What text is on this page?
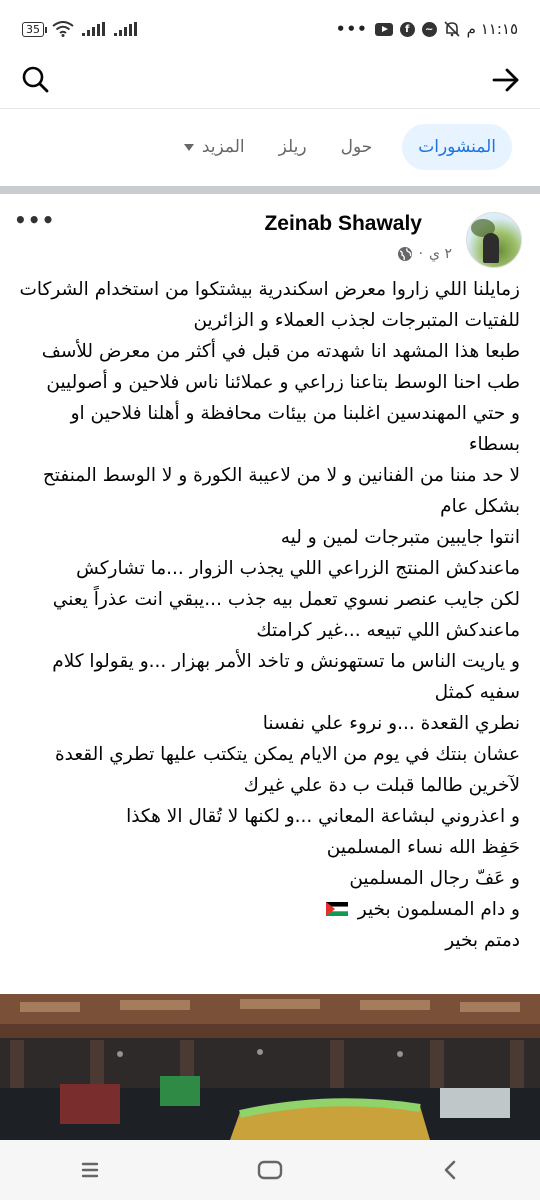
35	•••	f	~ ١١:١٥ م
المنشورات
حول
ريلز
المزيد
•••	Zeinab Shawaly
٢ ي
·
زمايلنا اللي زاروا معرض اسكندرية بيشتكوا من استخدام الشركات
للفتيات المتبرجات لجذب العملاء و الزائرين
طبعا هذا المشهد انا شهدته من قبل في أكثر من معرض للأسف
طب احنا الوسط بتاعنا زراعي و عملائنا ناس فلاحين و أصوليين
و حتي المهندسين اغلبنا من بيئات محافظة و أهلنا فلاحين او
بسطاء
لا حد مننا من الفنانين و لا من لاعيبة الكورة و لا الوسط المنفتح
بشكل عام
انتوا جايبين متبرجات لمين و ليه
ماعندكش المنتج الزراعي اللي يجذب الزوار ...ما تشاركش
لكن جايب عنصر نسوي تعمل بيه جذب ...يبقي انت عذراً يعني
ماعندكش اللي تبيعه ...غير كرامتك
و ياريت الناس ما تستهونش و تاخد الأمر بهزار ...و يقولوا كلام
سفيه كمثل
نطري القعدة ...و نروء علي نفسنا
عشان بنتك في يوم من الايام يمكن يتكتب عليها تطري القعدة
لآخرين طالما قبلت ب دة علي غيرك
و اعذروني لبشاعة المعاني ...و لكنها لا تُقال الا هكذا
حَفِظ الله نساء المسلمين
و عَفّ رجال المسلمين
و دام المسلمون بخير
دمتم بخير
